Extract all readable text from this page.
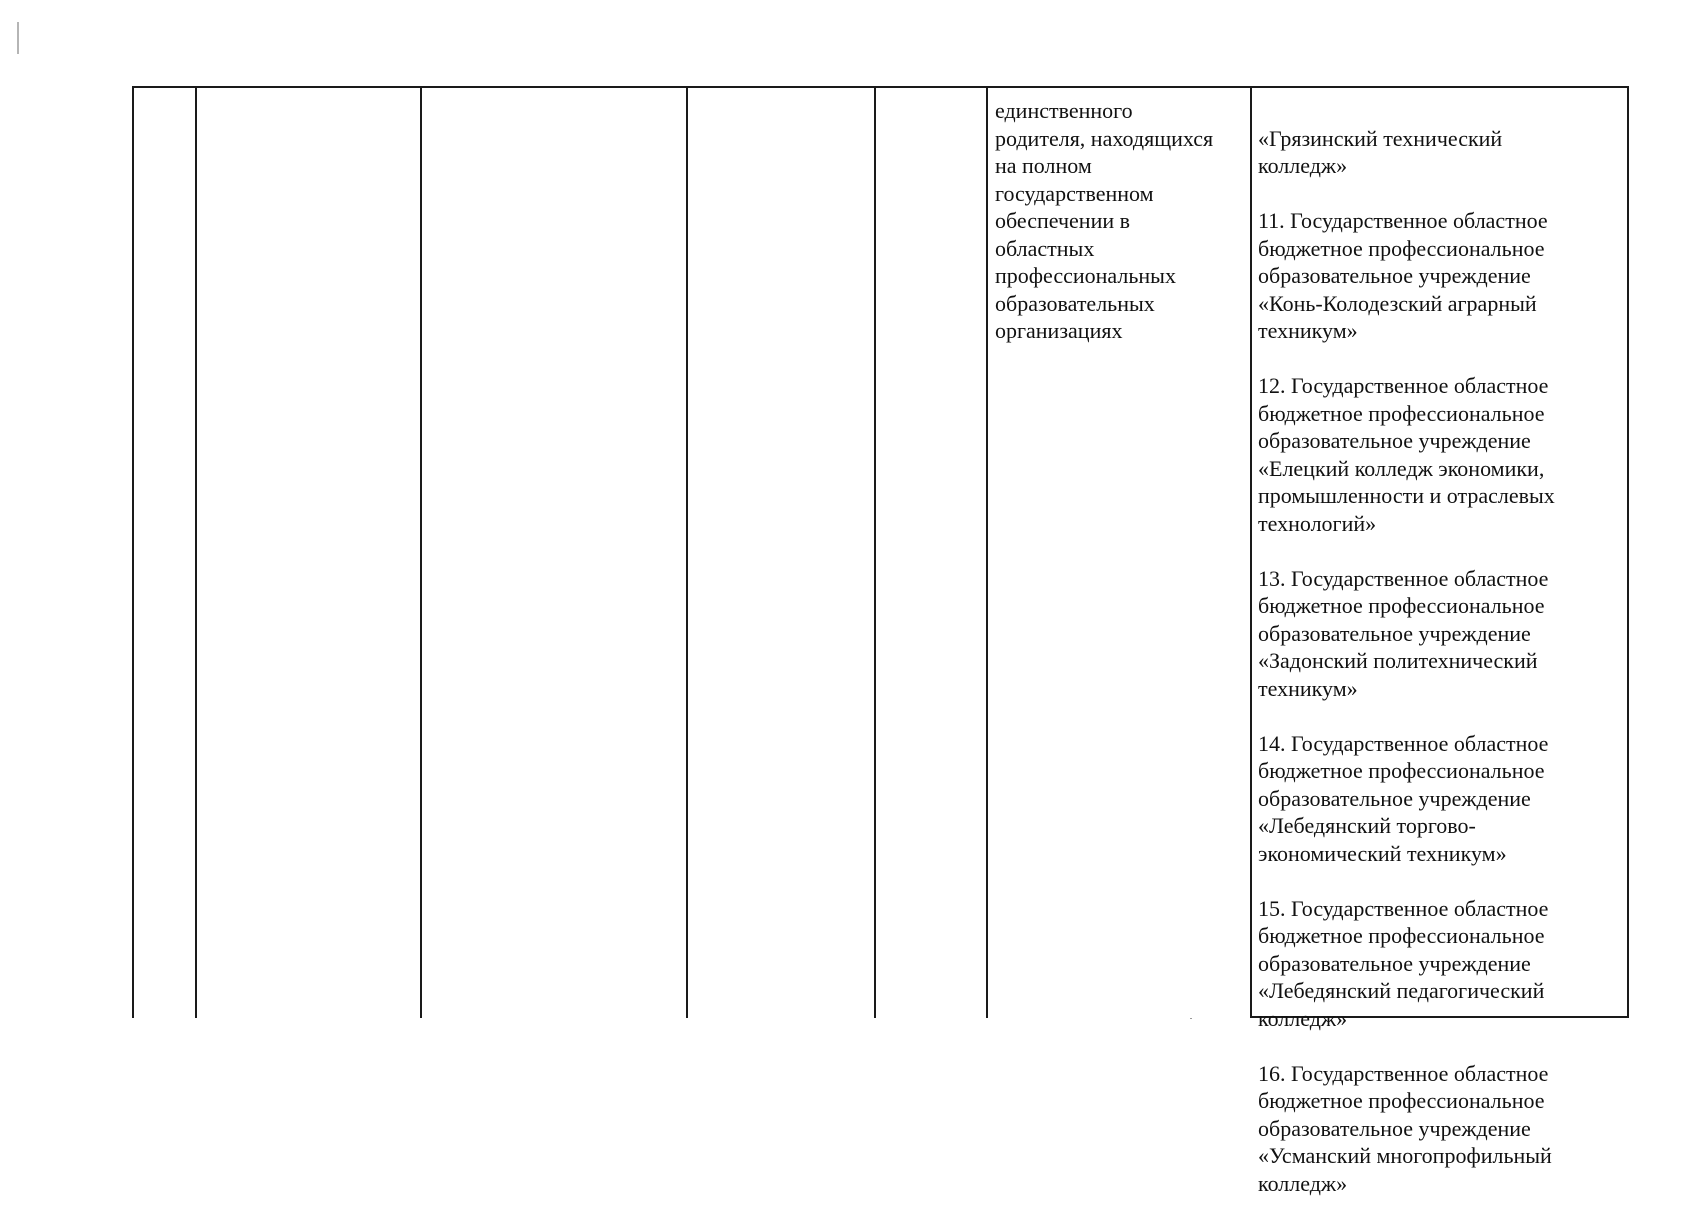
единственного
родителя, находящихся
на полном
государственном
обеспечении в
областных
профессиональных
образовательных
организациях

«Грязинский технический
колледж»

11. Государственное областное
бюджетное профессиональное
образовательное учреждение
«Конь-Колодезский аграрный
техникум»

12. Государственное областное
бюджетное профессиональное
образовательное учреждение
«Елецкий колледж экономики,
промышленности и отраслевых
технологий»

13. Государственное областное
бюджетное профессиональное
образовательное учреждение
«Задонский политехнический
техникум»

14. Государственное областное
бюджетное профессиональное
образовательное учреждение
«Лебедянский торгово-
экономический техникум»

15. Государственное областное
бюджетное профессиональное
образовательное учреждение
«Лебедянский педагогический
колледж»

16. Государственное областное
бюджетное профессиональное
образовательное учреждение
«Усманский многопрофильный
колледж»
